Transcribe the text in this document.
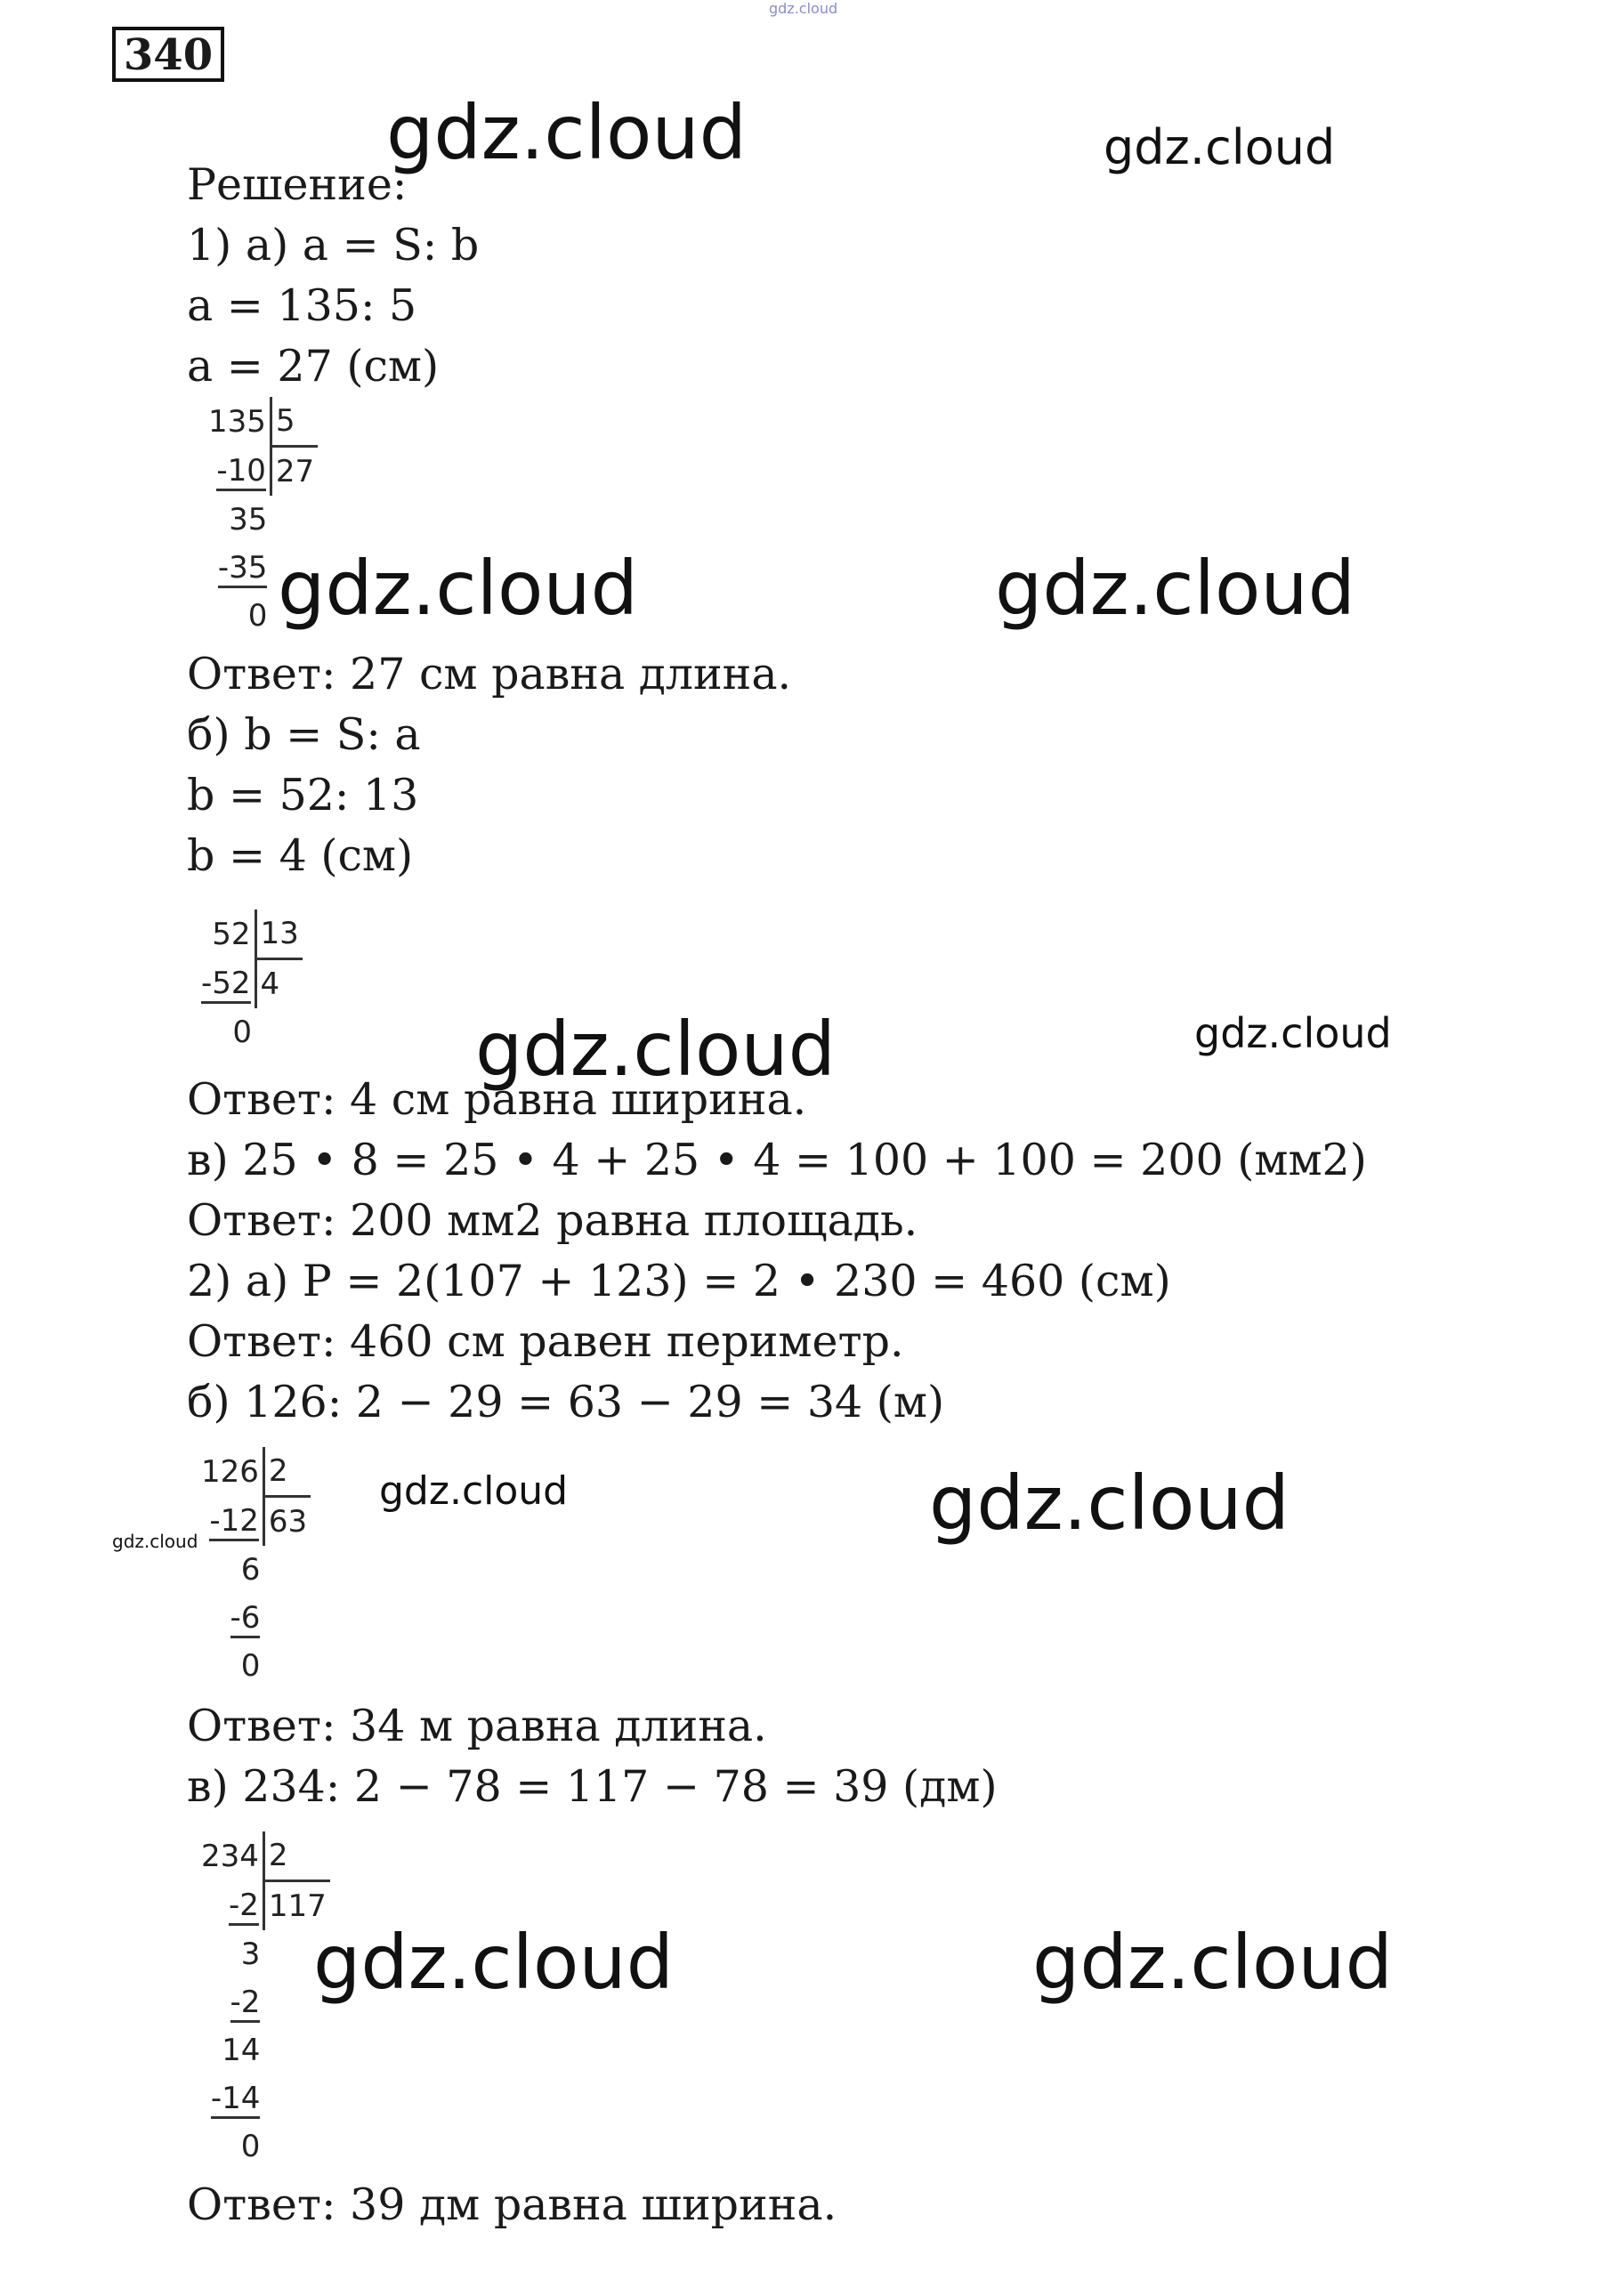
340
gdz.cloud
gdz.cloud	gdz.cloud
gdz.cloud	gdz.cloud
gdz.cloud	gdz.cloud
gdz.cloud	gdz.cloud
gdz.cloud
gdz.cloud	gdz.cloud
Решение:
1) а) a = S: b
a = 135: 5
a = 27 (см)
135	5
-10	27
35	
-35	
0	
Ответ: 27 см равна длина.
б) b = S: a
b = 52: 13
b = 4 (см)
52	13
-52	4
0	
Ответ: 4 см равна ширина.
в) 25 • 8 = 25 • 4 + 25 • 4 = 100 + 100 = 200 (мм2)
Ответ: 200 мм2 равна площадь.
2) а) P = 2(107 + 123) = 2 • 230 = 460 (см)
Ответ: 460 см равен периметр.
б) 126: 2 − 29 = 63 − 29 = 34 (м)
126	2
-12	63
6	
-6	
0	
Ответ: 34 м равна длина.
в) 234: 2 − 78 = 117 − 78 = 39 (дм)
234	2
-2	117
3	
-2	
14	
-14	
0	
Ответ: 39 дм равна ширина.
